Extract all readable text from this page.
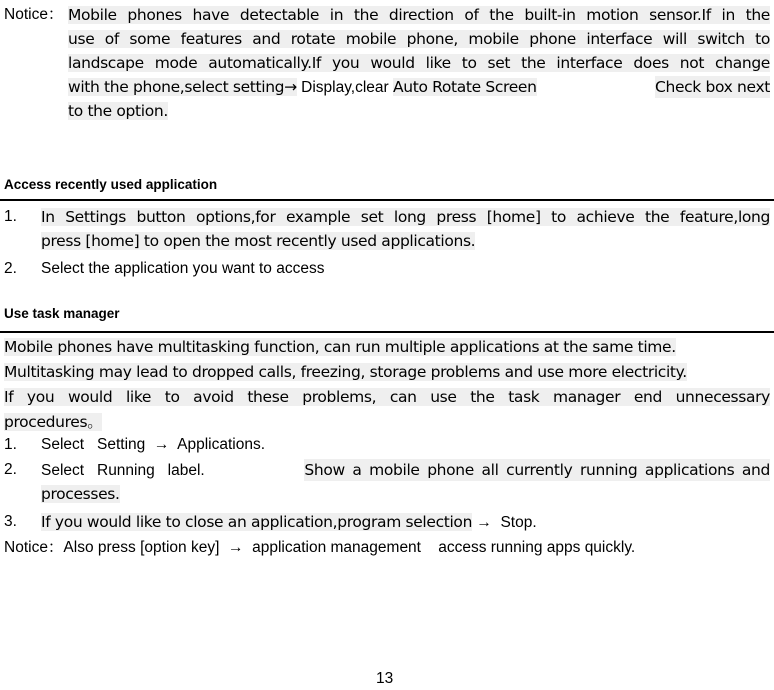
Notice： Mobile phones have detectable in the direction of the built-in motion sensor.If in the
use of some features and rotate mobile phone, mobile phone interface will switch to
landscape mode automatically.If you would like to set the interface does not change
with the phone,select setting→ Display,clear Auto Rotate Screen	Check box next
to the option.
Access recently used application
1. In Settings button options,for example set long press [home] to achieve the feature,long
press [home] to open the most recently used applications.
2. Select the application you want to access
Use task manager
Mobile phones have multitasking function, can run multiple applications at the same time.
Multitasking may lead to dropped calls, freezing, storage problems and use more electricity.
If you would like to avoid these problems, can use the task manager end unnecessary
procedures。
1. Select   Setting  →  Applications.
2. Select   Running   label.	Show a mobile phone all currently running applications and
processes.
3. If you would like to close an application,program selection →  Stop.
Notice：Also press [option key]  →  application management    access running apps quickly.
13
